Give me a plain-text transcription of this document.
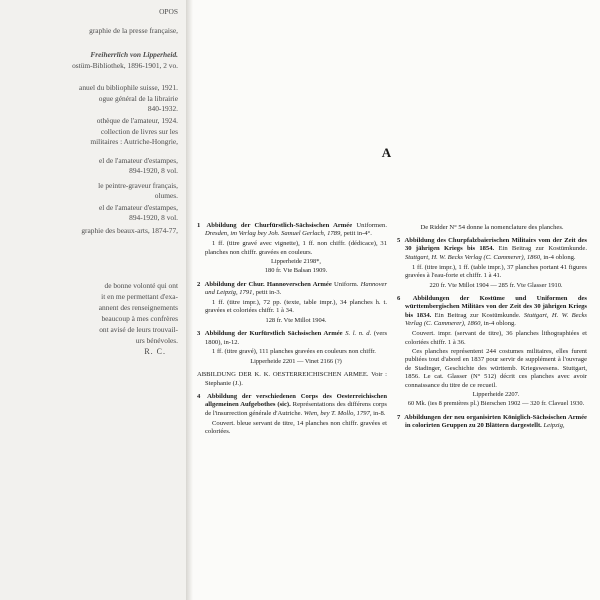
OPOS
graphie de la presse française,
Freiherrlich von Lipperheid.
ostüm-Bibliothek, 1896-1901, 2 vo.
anuel du bibliophile suisse, 1921.
ogue général de la librairie
840-1932.
othèque de l'amateur, 1924.
collection de livres sur les
militaires : Autriche-Hongrie,
el de l'amateur d'estampes,
894-1920, 8 vol.
le peintre-graveur français,
olumes.
el de l'amateur d'estampes,
894-1920, 8 vol.
graphie des beaux-arts, 1874-77,
de bonne volonté qui ont
it en me permettant d'exa-
annent des renseignements
beaucoup à mes confrères
ont avisé de leurs trouvail-
urs bénévoles.
R. C.
A
1 Abbildung der Churfürstlich-Sächsischen Armée Uniformen. Dresden, im Verlag bey Joh. Samuel Gerlach, 1789, petit in-4°.

1 ff. (titre gravé avec vignette), 1 ff. non chiffr. (dédicace), 31 planches non chiffr. gravées en couleurs.

Lipperheide 2198*,

180 fr. Vte Balsan 1909.

2 Abbildung der Chur. Hannoverschen Armée Uniform. Hannover und Leipzig, 1791, petit in-3.

1 ff. (titre impr.), 72 pp. (texte, table impr.), 34 planches h. t. gravées et coloriées chiffr. 1 à 34.

128 fr. Vte Millot 1904.

3 Abbildung der Kurfürstlich Sächsischen Armée S. l. n. d. (vers 1800), in-12.

1 ff. (titre gravé), 111 planches gravées en couleurs non chiffr.

Lipperheide 2201 — Vinet 2166 (?)

ABBILDUNG DER K. K. OESTERREICHISCHEN ARMEE. Voir : Stephanie (J.).
4 Abbildung der verschiedenen Corps des Oesterreichischen allgemeinen Aufgebothes (sic). Représentations des différens corps de l'insurrection générale d'Autriche. Wien, bey T. Mollo, 1797, in-8.

Couvert. bleue servant de titre, 14 planches non chiffr. gravées et coloriées.

De Ridder N° 54 donne la nomenclature des planches.

5 Abbildung des Churpfalzbaierischen Militairs vom der Zeit des 30 jährigen Kriegs bis 1854. Ein Beitrag zur Kostümkunde. Stuttgart, H. W. Becks Verlag (C. Cammerer), 1860, in-4 oblong.

1 ff. (titre impr.), 1 ff. (table impr.), 37 planches portant 41 figures gravées à l'eau-forte et chiffr. 1 à 41.

220 fr. Vte Millot 1904 — 285 fr. Vte Glasser 1910.

6 Abbildungen der Kostüme und Uniformen des württembergischen Militärs von der Zeit des 30 jährigen Kriegs bis 1834. Ein Beitrag zur Kostümkunde. Stuttgart, H. W. Becks Verlag (C. Cammerer), 1860, in-4 oblong.

Couvert. impr. (servant de titre), 36 planches lithographiées et coloriées chiffr. 1 à 36.

Ces planches représentent 244 costumes militaires, elles furent publiées tout d'abord en 1837 pour servir de supplément à l'ouvrage de Stadinger, Geschichte des württemb. Kriegswesens. Stuttgart, 1856. Le cat. Glasser (N° 512) décrit ces planches avec avoir connaissance du titre de ce recueil.

Lipperheide 2207.

60 Mk. (ies 8 premières pl.) Bierschen 1902 — 320 fr. Clavuel 1930.

7 Abbildungen der neu organisirten Königlich-Sächsischen Armée in colorirten Gruppen zu 20 Blättern dargestellt. Leipzig,
